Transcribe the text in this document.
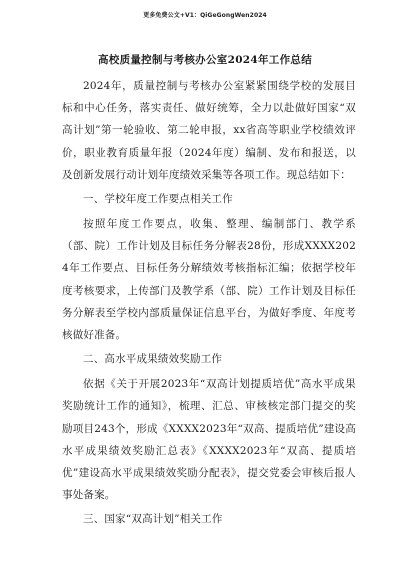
更多免费公文+V1：QiGeGongWen2024
高校质量控制与考核办公室2024年工作总结

2024年，质量控制与考核办公室紧紧围绕学校的发展目标和中心任务，落实责任、做好统筹，全力以赴做好国家“双高计划”第一轮验收、第二轮申报，xx省高等职业学校绩效评价，职业教育质量年报（2024年度）编制、发布和报送，以及创新发展行动计划年度绩效采集等各项工作。现总结如下：

一、学校年度工作要点相关工作

按照年度工作要点，收集、整理、编制部门、教学系（部、院）工作计划及目标任务分解表28份，形成XXXX2024年工作要点、目标任务分解绩效考核指标汇编；依据学校年度考核要求，上传部门及教学系（部、院）工作计划及目标任务分解表至学校内部质量保证信息平台，为做好季度、年度考核做好准备。

二、高水平成果绩效奖励工作

依据《关于开展2023年“双高计划提质培优”高水平成果奖励统计工作的通知》，梳理、汇总、审核核定部门提交的奖励项目243个，形成《XXXX2023年“双高、提质培优”建设高水平成果绩效奖励汇总表》《XXXX2023年“双高、提质培优”建设高水平成果绩效奖励分配表》，提交党委会审核后报人事处备案。

三、国家“双高计划”相关工作
